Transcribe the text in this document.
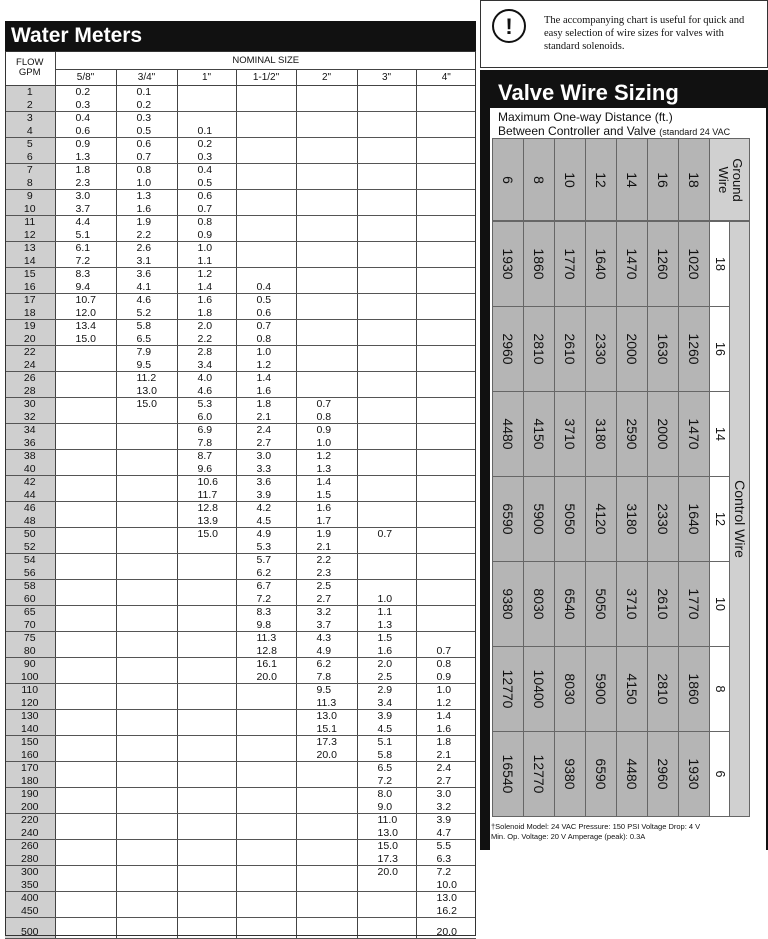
Water Meters
FLOW
GPM	NOMINAL SIZE						
	5/8"	3/4"	1"	1-1/2"	2"	3"	4"
1	0.2	0.1					
2	0.3	0.2					
3	0.4	0.3					
4	0.6	0.5	0.1				
5	0.9	0.6	0.2				
6	1.3	0.7	0.3				
7	1.8	0.8	0.4				
8	2.3	1.0	0.5				
9	3.0	1.3	0.6				
10	3.7	1.6	0.7				
11	4.4	1.9	0.8				
12	5.1	2.2	0.9				
13	6.1	2.6	1.0				
14	7.2	3.1	1.1				
15	8.3	3.6	1.2				
16	9.4	4.1	1.4	0.4			
17	10.7	4.6	1.6	0.5			
18	12.0	5.2	1.8	0.6			
19	13.4	5.8	2.0	0.7			
20	15.0	6.5	2.2	0.8			
22		7.9	2.8	1.0			
24		9.5	3.4	1.2			
26		11.2	4.0	1.4			
28		13.0	4.6	1.6			
30		15.0	5.3	1.8	0.7		
32			6.0	2.1	0.8		
34			6.9	2.4	0.9		
36			7.8	2.7	1.0		
38			8.7	3.0	1.2		
40			9.6	3.3	1.3		
42			10.6	3.6	1.4		
44			11.7	3.9	1.5		
46			12.8	4.2	1.6		
48			13.9	4.5	1.7		
50			15.0	4.9	1.9	0.7	
52				5.3	2.1		
54				5.7	2.2		
56				6.2	2.3		
58				6.7	2.5		
60				7.2	2.7	1.0	
65				8.3	3.2	1.1	
70				9.8	3.7	1.3	
75				11.3	4.3	1.5	
80				12.8	4.9	1.6	0.7
90				16.1	6.2	2.0	0.8
100				20.0	7.8	2.5	0.9
110					9.5	2.9	1.0
120					11.3	3.4	1.2
130					13.0	3.9	1.4
140					15.1	4.5	1.6
150					17.3	5.1	1.8
160					20.0	5.8	2.1
170						6.5	2.4
180						7.2	2.7
190						8.0	3.0
200						9.0	3.2
220						11.0	3.9
240						13.0	4.7
260						15.0	5.5
280						17.3	6.3
300						20.0	7.2
350							10.0
400							13.0
450							16.2
500							20.0
!	The accompanying chart is useful for quick and easy selection of wire sizes for valves with standard solenoids.
Valve Wire Sizing
Maximum One-way Distance (ft.)
Between Controller and Valve (standard 24 VAC
6 8 10 12 14 16 18	Ground
Wire
1930 1860 1770 1640 1470 1260 1020 18
2960 2810 2610 2330 2000 1630 1260 16
4480 4150 3710 3180 2590 2000 1470 14
6590 5900 5050 4120 3180 2330 1640 12
9380 8030 6540 5050 3710 2610 1770 10
12770 10400 8030 5900 4150 2810 1860 8
16540 12770 9380 6590 4480 2960 1930 6
Control Wire
†Solenoid Model: 24 VAC Pressure: 150 PSI Voltage Drop: 4 V
Min. Op. Voltage: 20 V Amperage (peak): 0.3A
